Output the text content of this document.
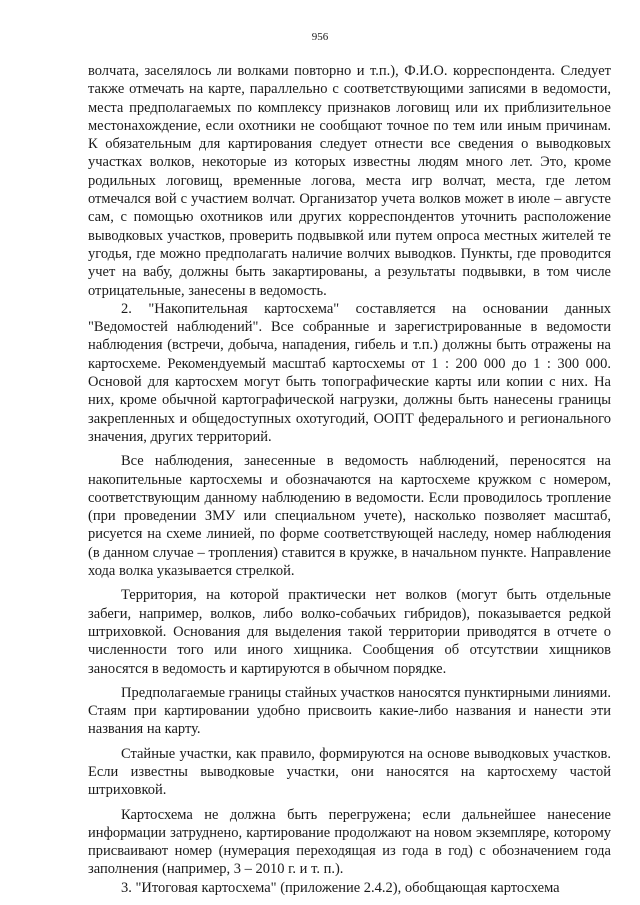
956

волчата, заселялось ли волками повторно и т.п.), Ф.И.О. корреспондента. Следует также отмечать на карте, параллельно с соответствующими записями в ведомости, места предполагаемых по комплексу признаков логовищ или их приблизительное местонахождение, если охотники не сообщают точное по тем или иным причинам. К обязательным для картирования следует отнести все сведения о выводковых участках волков, некоторые из которых известны людям много лет. Это, кроме родильных логовищ, временные логова, места игр волчат, места, где летом отмечался вой с участием волчат. Организатор учета волков может в июле – августе сам, с помощью охотников или других корреспондентов уточнить расположение выводковых участков, проверить подвывкой или путем опроса местных жителей те угодья, где можно предполагать наличие волчих выводков. Пункты, где проводится учет на вабу, должны быть закартированы, а результаты подвывки, в том числе отрицательные, занесены в ведомость.

2. "Накопительная картосхема" составляется на основании данных "Ведомостей наблюдений". Все собранные и зарегистрированные в ведомости наблюдения (встречи, добыча, нападения, гибель и т.п.) должны быть отражены на картосхеме. Рекомендуемый масштаб картосхемы от 1 : 200 000 до 1 : 300 000. Основой для картосхем могут быть топографические карты или копии с них. На них, кроме обычной картографической нагрузки, должны быть нанесены границы закрепленных и общедоступных охотугодий, ООПТ федерального и регионального значения, других территорий.

Все наблюдения, занесенные в ведомость наблюдений, переносятся на накопительные картосхемы и обозначаются на картосхеме кружком с номером, соответствующим данному наблюдению в ведомости. Если проводилось тропление (при проведении ЗМУ или специальном учете), насколько позволяет масштаб, рисуется на схеме линией, по форме соответствующей наследу, номер наблюдения (в данном случае – тропления) ставится в кружке, в начальном пункте. Направление хода волка указывается стрелкой.

Территория, на которой практически нет волков (могут быть отдельные забеги, например, волков, либо волко-собачьих гибридов), показывается редкой штриховкой. Основания для выделения такой территории приводятся в отчете о численности того или иного хищника. Сообщения об отсутствии хищников заносятся в ведомость и картируются в обычном порядке.

Предполагаемые границы стайных участков наносятся пунктирными линиями. Стаям при картировании удобно присвоить какие-либо названия и нанести эти названия на карту.

Стайные участки, как правило, формируются на основе выводковых участков. Если известны выводковые участки, они наносятся на картосхему частой штриховкой.

Картосхема не должна быть перегружена; если дальнейшее нанесение информации затруднено, картирование продолжают на новом экземпляре, которому присваивают номер (нумерация переходящая из года в год) с обозначением года заполнения (например, 3 – 2010 г. и т. п.).

3. "Итоговая картосхема" (приложение 2.4.2), обобщающая картосхема
